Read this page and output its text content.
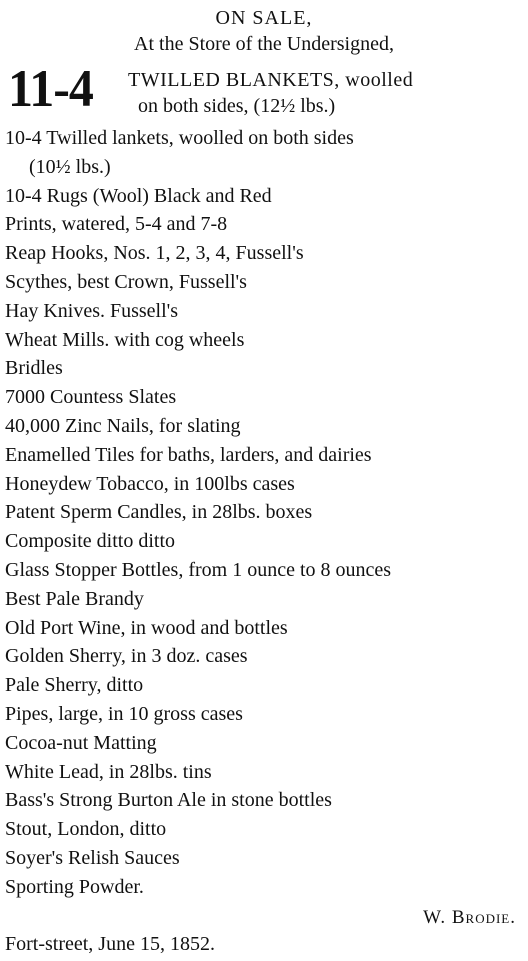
ON SALE,
At the Store of the Undersigned,
11-4 TWILLED BLANKETS, woolled
on both sides, (12½ lbs.)
10-4 Twilled lankets, woolled on both sides
(10½ lbs.)
10-4 Rugs (Wool) Black and Red
Prints, watered, 5-4 and 7-8
Reap Hooks, Nos. 1, 2, 3, 4, Fussell's
Scythes, best Crown, Fussell's
Hay Knives. Fussell's
Wheat Mills. with cog wheels
Bridles
7000 Countess Slates
40,000 Zinc Nails, for slating
Enamelled Tiles for baths, larders, and dairies
Honeydew Tobacco, in 100lbs cases
Patent Sperm Candles, in 28lbs. boxes
Composite ditto ditto
Glass Stopper Bottles, from 1 ounce to 8 ounces
Best Pale Brandy
Old Port Wine, in wood and bottles
Golden Sherry, in 3 doz. cases
Pale Sherry, ditto
Pipes, large, in 10 gross cases
Cocoa-nut Matting
White Lead, in 28lbs. tins
Bass's Strong Burton Ale in stone bottles
Stout, London, ditto
Soyer's Relish Sauces
Sporting Powder.
W. Brodie.
Fort-street, June 15, 1852.
